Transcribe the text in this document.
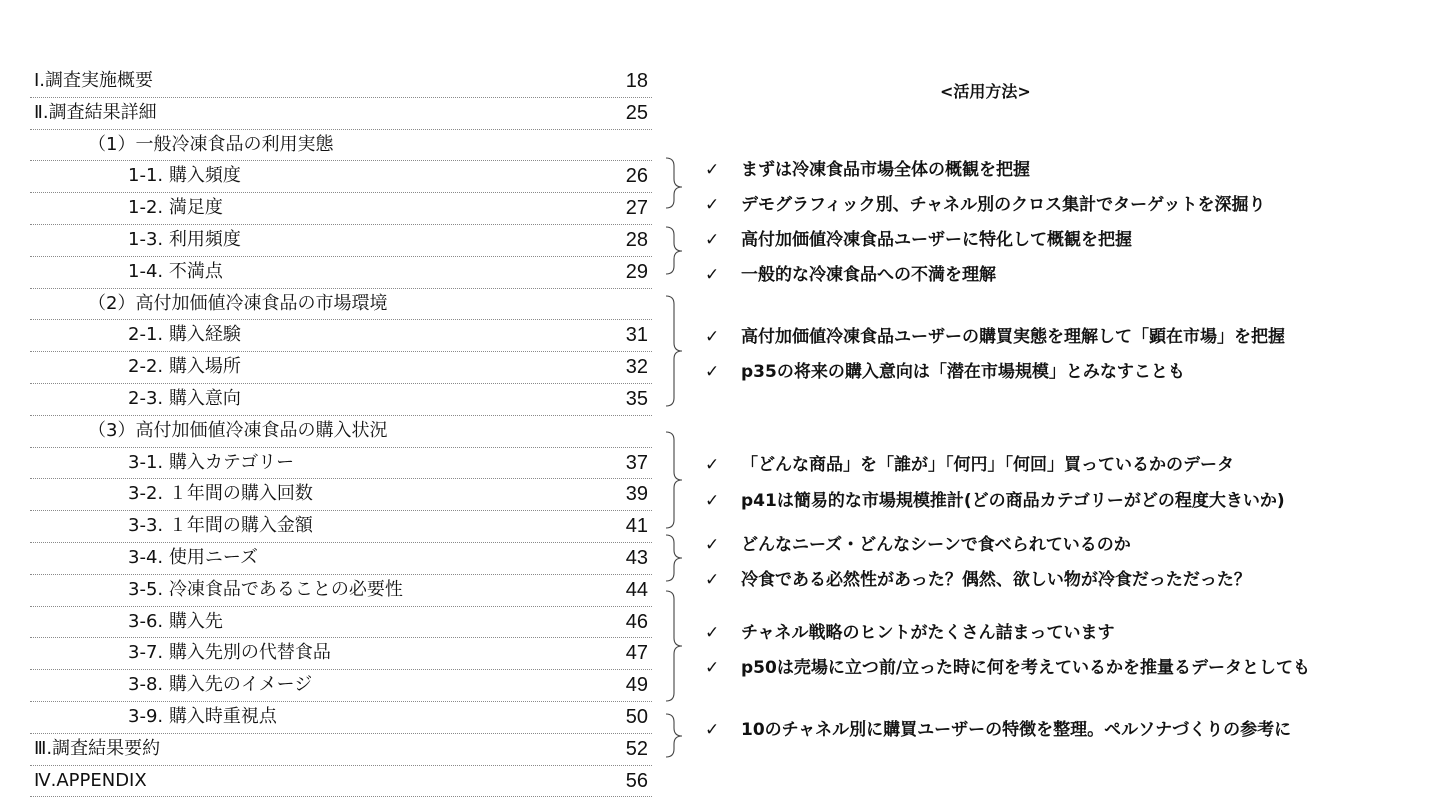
Ⅰ.調査実施概要	18
Ⅱ.調査結果詳細	25
（1）一般冷凍食品の利用実態
1-1. 購入頻度	26
1-2. 満足度	27
1-3. 利用頻度	28
1-4. 不満点	29
（2）高付加価値冷凍食品の市場環境
2-1. 購入経験	31
2-2. 購入場所	32
2-3. 購入意向	35
（3）高付加価値冷凍食品の購入状況
3-1. 購入カテゴリー	37
3-2. １年間の購入回数	39
3-3. １年間の購入金額	41
3-4. 使用ニーズ	43
3-5. 冷凍食品であることの必要性	44
3-6. 購入先	46
3-7. 購入先別の代替食品	47
3-8. 購入先のイメージ	49
3-9. 購入時重視点	50
Ⅲ.調査結果要約	52
Ⅳ.APPENDIX	56
<活用方法>
✓ まずは冷凍食品市場全体の概観を把握
✓ デモグラフィック別、チャネル別のクロス集計でターゲットを深掘り
✓ 高付加価値冷凍食品ユーザーに特化して概観を把握
✓ 一般的な冷凍食品への不満を理解
✓ 高付加価値冷凍食品ユーザーの購買実態を理解して「顕在市場」を把握
✓ p35の将来の購入意向は「潜在市場規模」とみなすことも
✓ 「どんな商品」を「誰が」「何円」「何回」買っているかのデータ
✓ p41は簡易的な市場規模推計(どの商品カテゴリーがどの程度大きいか)
✓ どんなニーズ・どんなシーンで食べられているのか
✓ 冷食である必然性があった？偶然、欲しい物が冷食だっただった？
✓ チャネル戦略のヒントがたくさん詰まっています
✓ p50は売場に立つ前/立った時に何を考えているかを推量るデータとしても
✓ 10のチャネル別に購買ユーザーの特徴を整理。ペルソナづくりの参考に
